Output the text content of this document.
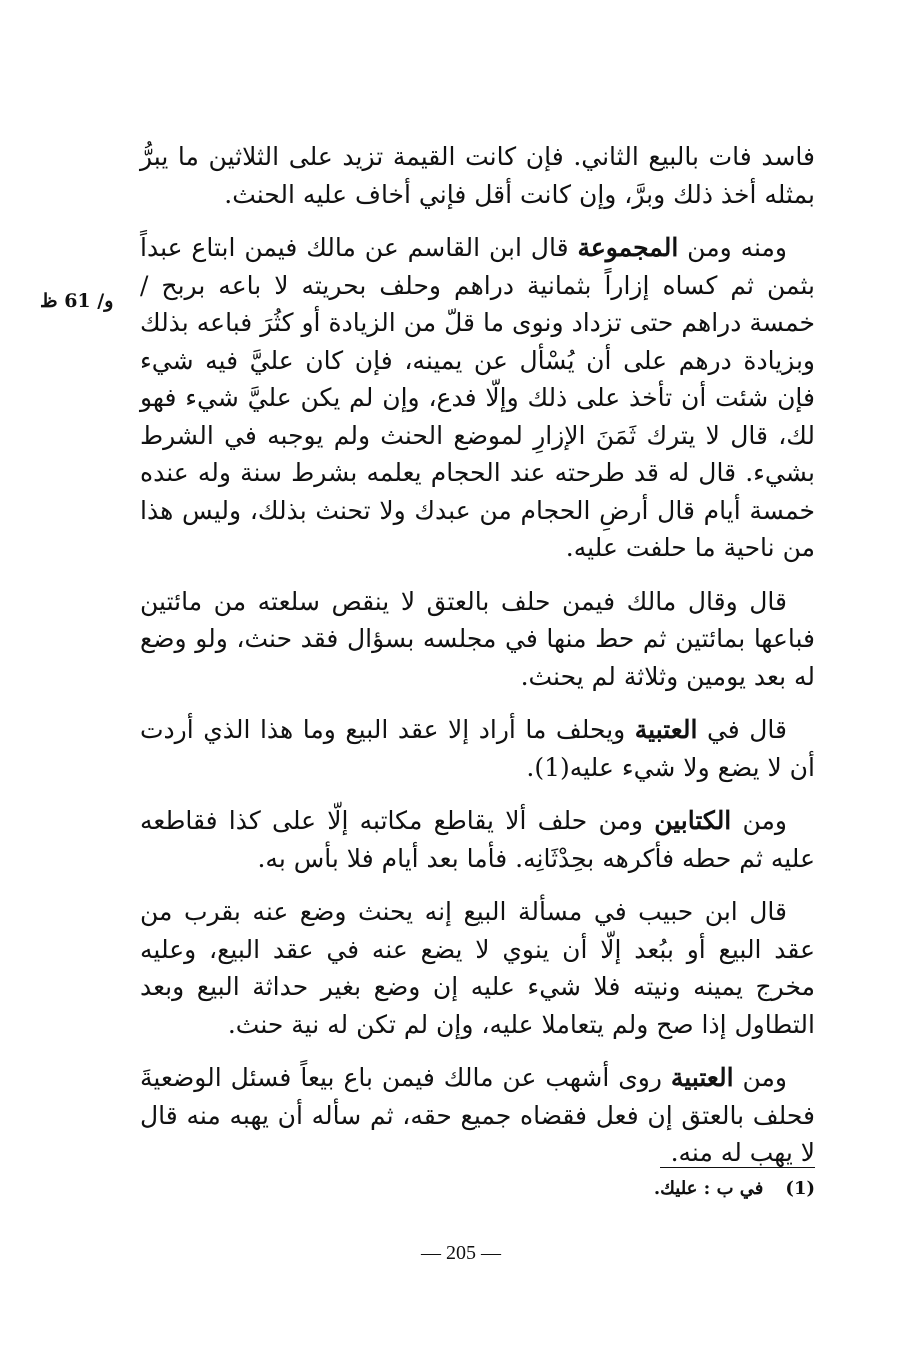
و/ 61 ظ

فاسد فات بالبيع الثاني. فإن كانت القيمة تزيد على الثلاثين ما يبرُّ بمثله أخذ ذلك وبرَّ، وإن كانت أقل فإني أخاف عليه الحنث.

ومنه ومن المجموعة قال ابن القاسم عن مالك فيمن ابتاع عبداً بثمن ثم كساه إزاراً بثمانية دراهم وحلف بحريته لا باعه بربح / خمسة دراهم حتى تزداد ونوى ما قلّ من الزيادة أو كثُرَ فباعه بذلك وبزيادة درهم على أن يُسْأل عن يمينه، فإن كان عليَّ فيه شيء فإن شئت أن تأخذ على ذلك وإلّا فدع، وإن لم يكن عليَّ شيء فهو لك، قال لا يترك ثَمَنَ الإزارِ لموضع الحنث ولم يوجبه في الشرط بشيء. قال له قد طرحته عند الحجام يعلمه بشرط سنة وله عنده خمسة أيام قال أرضِ الحجام من عبدك ولا تحنث بذلك، وليس هذا من ناحية ما حلفت عليه.

قال وقال مالك فيمن حلف بالعتق لا ينقص سلعته من مائتين فباعها بمائتين ثم حط منها في مجلسه بسؤال فقد حنث، ولو وضع له بعد يومين وثلاثة لم يحنث.

قال في العتبية ويحلف ما أراد إلا عقد البيع وما هذا الذي أردت أن لا يضع ولا شيء عليه(1).

ومن الكتابين ومن حلف ألا يقاطع مكاتبه إلّا على كذا فقاطعه عليه ثم حطه فأكرهه بحِدْثَانِه. فأما بعد أيام فلا بأس به.

قال ابن حبيب في مسألة البيع إنه يحنث وضع عنه بقرب من عقد البيع أو ببُعد إلّا أن ينوي لا يضع عنه في عقد البيع، وعليه مخرج يمينه ونيته فلا شيء عليه إن وضع بغير حداثة البيع وبعد التطاول إذا صح ولم يتعاملا عليه، وإن لم تكن له نية حنث.

ومن العتبية روى أشهب عن مالك فيمن باع بيعاً فسئل الوضعيةَ فحلف بالعتق إن فعل فقضاه جميع حقه، ثم سأله أن يهبه منه قال لا يهب له منه.

(1)في ب : عليك.
— 205 —
